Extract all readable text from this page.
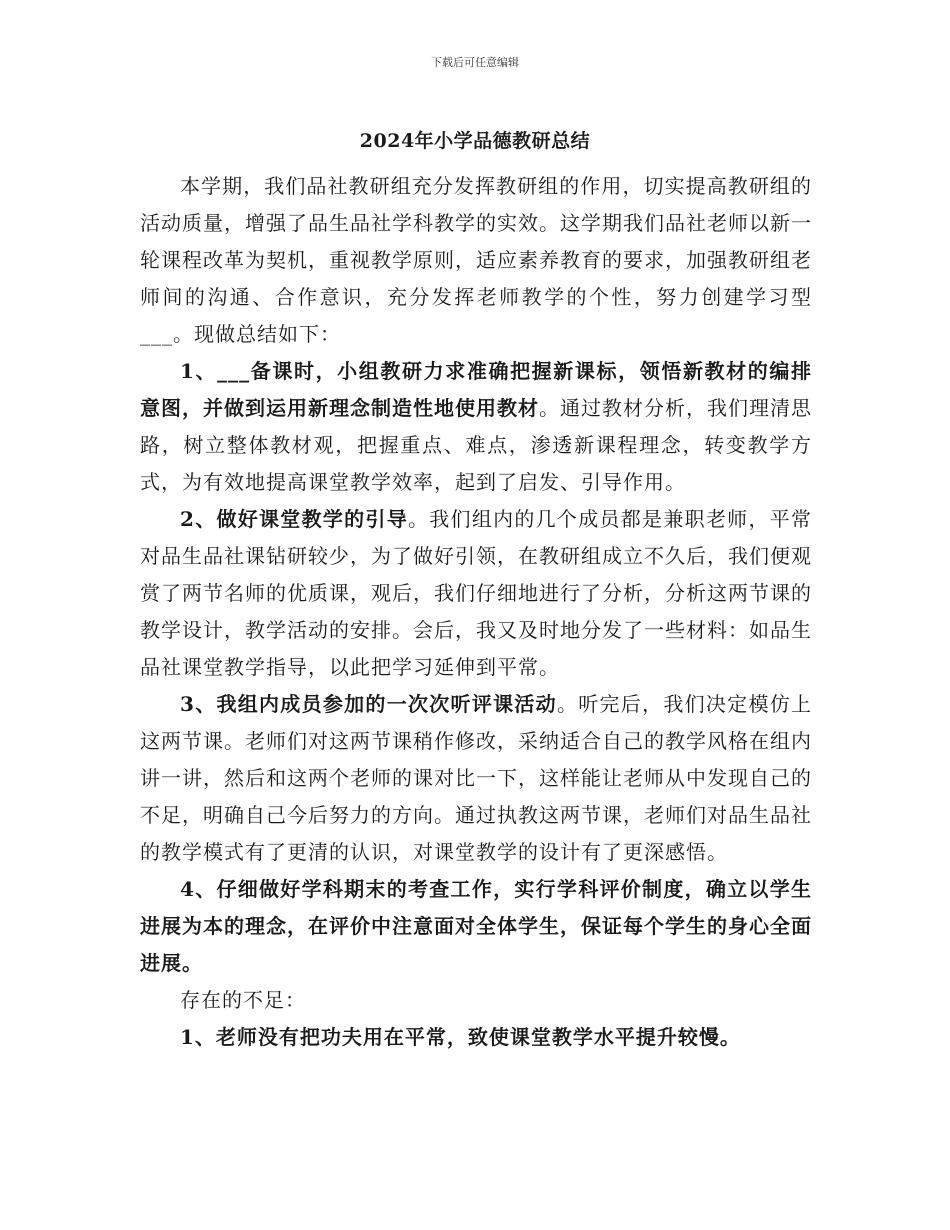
下载后可任意编辑
2024年小学品德教研总结

本学期，我们品社教研组充分发挥教研组的作用，切实提高教研组的活动质量，增强了品生品社学科教学的实效。这学期我们品社老师以新一轮课程改革为契机，重视教学原则，适应素养教育的要求，加强教研组老师间的沟通、合作意识，充分发挥老师教学的个性，努力创建学习型___。现做总结如下：

1、___备课时，小组教研力求准确把握新课标，领悟新教材的编排意图，并做到运用新理念制造性地使用教材。通过教材分析，我们理清思路，树立整体教材观，把握重点、难点，渗透新课程理念，转变教学方式，为有效地提高课堂教学效率，起到了启发、引导作用。

2、做好课堂教学的引导。我们组内的几个成员都是兼职老师，平常对品生品社课钻研较少，为了做好引领，在教研组成立不久后，我们便观赏了两节名师的优质课，观后，我们仔细地进行了分析，分析这两节课的教学设计，教学活动的安排。会后，我又及时地分发了一些材料：如品生品社课堂教学指导，以此把学习延伸到平常。

3、我组内成员参加的一次次听评课活动。听完后，我们决定模仿上这两节课。老师们对这两节课稍作修改，采纳适合自己的教学风格在组内讲一讲，然后和这两个老师的课对比一下，这样能让老师从中发现自己的不足，明确自己今后努力的方向。通过执教这两节课，老师们对品生品社的教学模式有了更清的认识，对课堂教学的设计有了更深感悟。

4、仔细做好学科期末的考查工作，实行学科评价制度，确立以学生进展为本的理念，在评价中注意面对全体学生，保证每个学生的身心全面进展。

存在的不足：

1、老师没有把功夫用在平常，致使课堂教学水平提升较慢。
